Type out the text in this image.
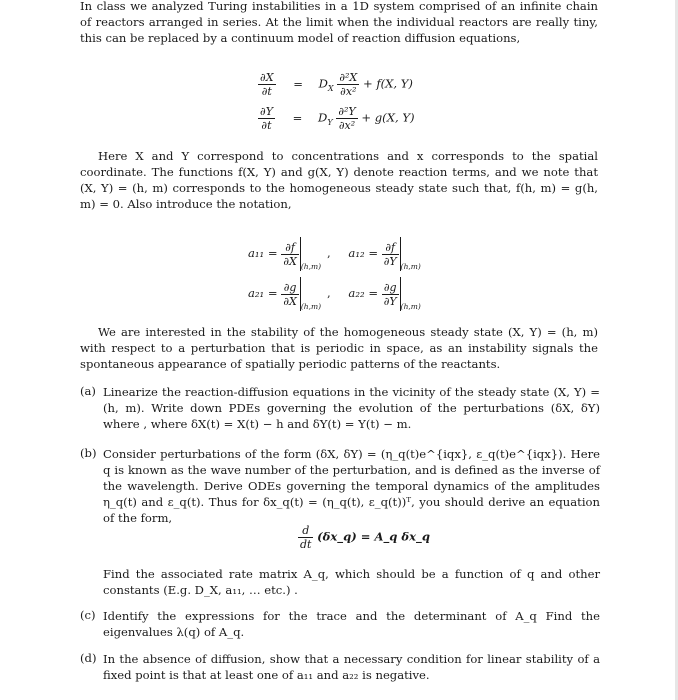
In class we analyzed Turing instabilities in a 1D system comprised of an infinite chain of reactors arranged in series. At the limit when the individual reactors are really tiny, this can be replaced by a continuum model of reaction diffusion equations,

$\frac{\partial X}{\partial t} = D_X \frac{\text{∂²X}}{\text{∂x²}} + f(X$, Y)
$\frac{\partial Y}{\partial t} = D_Y \frac{\text{∂²Y}}{\text{∂x²}} + g(X$, Y)

Here X and Y correspond to concentrations and x corresponds to the spatial coordinate. The functions f(X, Y) and g(X, Y) denote reaction terms, and we note that (X, Y) = (h, m) corresponds to the homogeneous steady state such that, f(h, m) = g(h, m) = 0. Also introduce the notation,

$a_{11} = \frac{\partial f}{\partial X} _{(h,m)}$, $a_{12} = \frac{\partial f}{\partial Y} _{(h,m)}$
$a_{21} = \frac{\partial g}{\partial X} _{(h,m)}$, $a_{22} = \frac{\partial g}{\partial Y} _{(h,m)}$

We are interested in the stability of the homogeneous steady state (X, Y) = (h, m) with respect to a perturbation that is periodic in space, as an instability signals the spontaneous appearance of spatially periodic patterns of the reactants.

(a) Linearize the reaction-diffusion equations in the vicinity of the steady state (X, Y) = (h, m). Write down PDEs governing the evolution of the perturbations (δX, δY) where , where δX(t) = X(t) − h and δY(t) = Y(t) − m.

(b) Consider perturbations of the form (δX, δY) = (η_q(t)e^{iqx}, ε_q(t)e^{iqx}). Here q is known as the wave number of the perturbation, and is defined as the inverse of the wavelength. Derive ODEs governing the temporal dynamics of the amplitudes η_q(t) and ε_q(t). Thus for δx_q(t) = (η_q(t), ε_q(t))ᵀ, you should derive an equation of the form,

$\frac{d}{dt}$ (δx_q) = A_q δx_q

Find the associated rate matrix A_q, which should be a function of q and other constants (E.g. D_X, a₁₁, … etc.) .

(c) Identify the expressions for the trace and the determinant of A_q Find the eigenvalues λ(q) of A_q.

(d) In the absence of diffusion, show that a necessary condition for linear stability of a fixed point is that at least one of a₁₁ and a₂₂ is negative.
